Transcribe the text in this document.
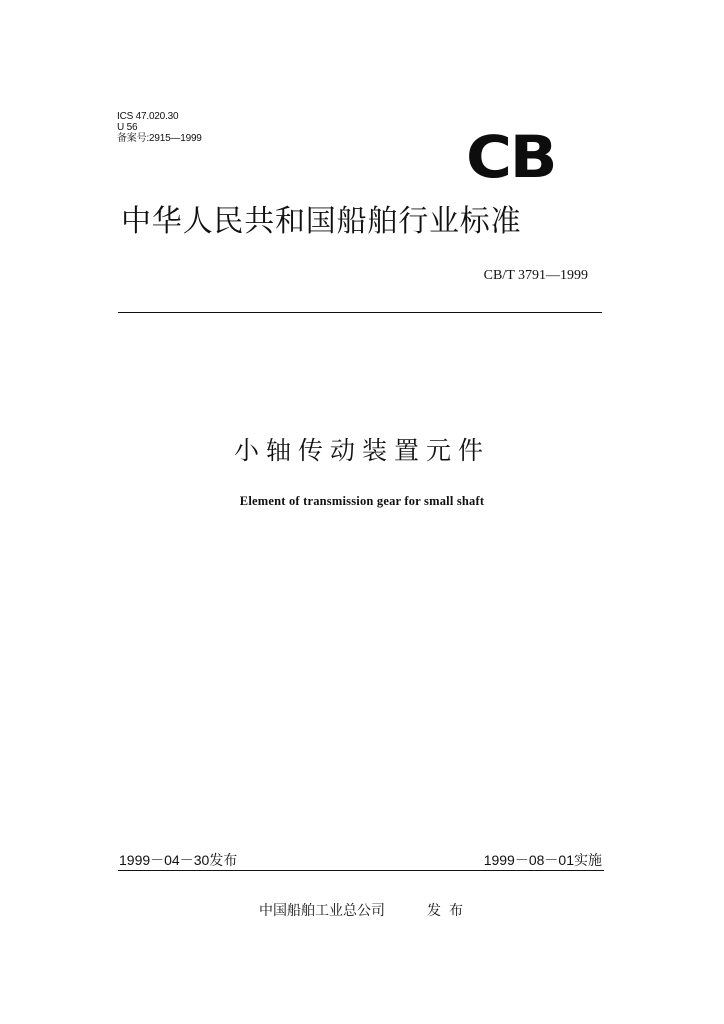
ICS 47.020.30
U 56
备案号:2915—1999	CB
中华人民共和国船舶行业标准
CB/T 3791—1999
小轴传动装置元件
Element of transmission gear for small shaft
1999－04－30发布	1999－08－01实施
中国船舶工业总公司	发布
